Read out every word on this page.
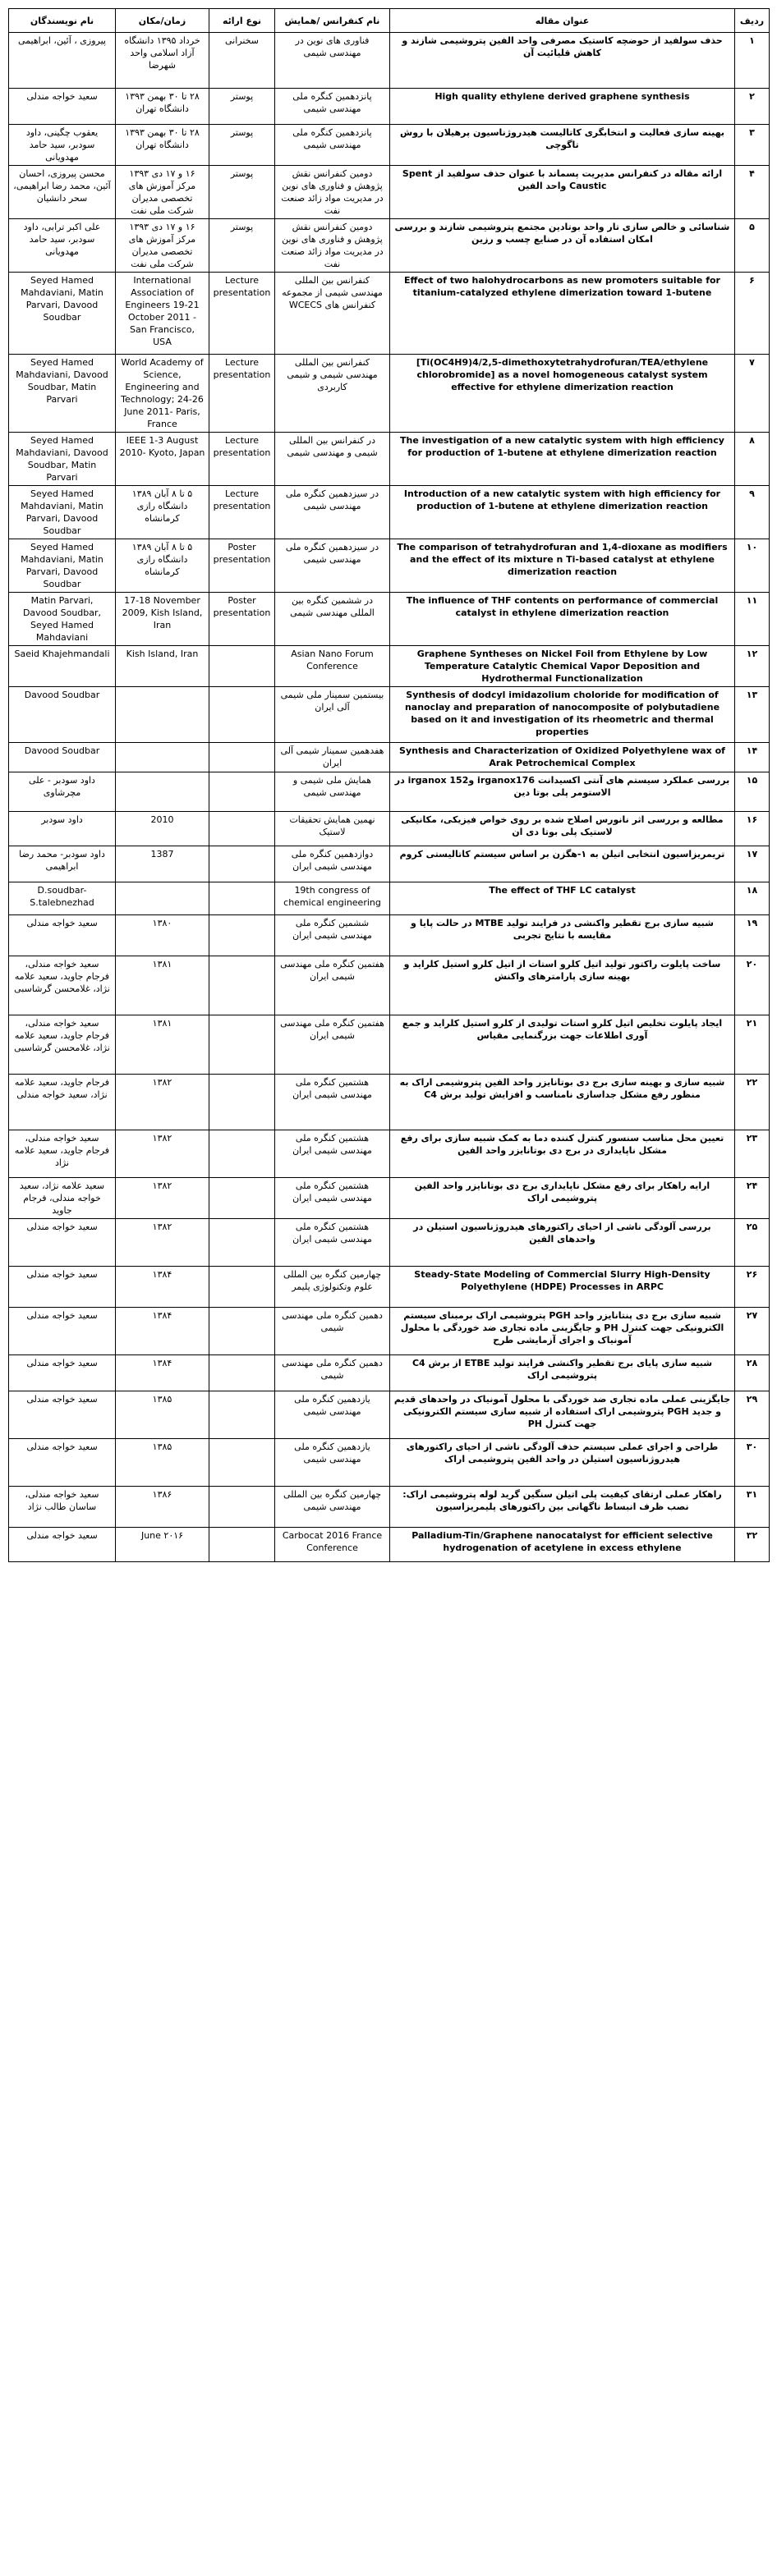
ردیف	عنوان مقاله	نام کنفرانس /همایش	نوع ارائه	زمان/مکان	نام نویسندگان
۱	حذف سولفید از حوضچه کاستیک مصرفی واحد الفین پتروشیمی شازند و کاهش قلیائیت آن	فناوری های نوین در مهندسی شیمی	سخنرانی	خرداد ۱۳۹۵ دانشگاه آزاد اسلامی واحد شهرضا	پیروزی ، آئین، ابراهیمی
۲	High quality ethylene derived graphene synthesis	پانزدهمین کنگره ملی مهندسی شیمی	پوستر	۲۸ تا ۳۰ بهمن ۱۳۹۳ دانشگاه تهران	سعید خواجه مندلی
۳	بهینه سازی فعالیت و انتخابگری کاتالیست هیدروژناسیون پرهیلان با روش تاگوچی	پانزدهمین کنگره ملی مهندسی شیمی	پوستر	۲۸ تا ۳۰ بهمن ۱۳۹۳ دانشگاه تهران	یعقوب چگینی، داود سودبر، سید حامد مهدویانی
۴	ارائه مقاله در کنفرانس مدیریت پسماند با عنوان حذف سولفید از Spent Caustic واحد الفین	دومین کنفرانس نقش پژوهش و فناوری های نوین در مدیریت مواد زائد صنعت نفت	پوستر	۱۶ و ۱۷ دی ۱۳۹۳ مرکز آموزش های تخصصی مدیران شرکت ملی نفت	محسن پیروزی، احسان آئین، محمد رضا ابراهیمی، سحر دانشیان
۵	شناسائی و خالص سازی تار واحد بوتادین مجتمع پتروشیمی شازند و بررسی امکان استفاده آن در صنایع چسب و رزین	دومین کنفرانس نقش پژوهش و فناوری های نوین در مدیریت مواد زائد صنعت نفت	پوستر	۱۶ و ۱۷ دی ۱۳۹۳ مرکز آموزش های تخصصی مدیران شرکت ملی نفت	علی اکبر ترابی، داود سودبر، سید حامد مهدویانی
۶	Effect of two halohydrocarbons as new promoters suitable for titanium-catalyzed ethylene dimerization toward 1-butene	کنفرانس بین المللی مهندسی شیمی از مجموعه کنفرانس های WCECS	Lecture presentation	International Association of Engineers 19-21 October 2011 - San Francisco, USA	Seyed Hamed Mahdaviani, Matin Parvari, Davood Soudbar
۷	[Ti(OC4H9)4/2,5-dimethoxytetrahydrofuran/TEA/ethylene chlorobromide] as a novel homogeneous catalyst system effective for ethylene dimerization reaction	کنفرانس بین المللی مهندسی شیمی و شیمی کاربردی	Lecture presentation	World Academy of Science, Engineering and Technology; 24-26 June 2011- Paris, France	Seyed Hamed Mahdaviani, Davood Soudbar, Matin Parvari
۸	The investigation of a new catalytic system with high efficiency for production of 1-butene at ethylene dimerization reaction	در کنفرانس بین المللی شیمی و مهندسی شیمی	Lecture presentation	IEEE 1-3 August 2010- Kyoto, Japan	Seyed Hamed Mahdaviani, Davood Soudbar, Matin Parvari
۹	Introduction of a new catalytic system with high efficiency for production of 1-butene at ethylene dimerization reaction	در سیزدهمین کنگره ملی مهندسی شیمی	Lecture presentation	۵ تا ۸ آبان ۱۳۸۹ دانشگاه رازی کرمانشاه	Seyed Hamed Mahdaviani, Matin Parvari, Davood Soudbar
۱۰	The comparison of tetrahydrofuran and 1,4-dioxane as modifiers and the effect of its mixture n Ti-based catalyst at ethylene dimerization reaction	در سیزدهمین کنگره ملی مهندسی شیمی	Poster presentation	۵ تا ۸ آبان ۱۳۸۹ دانشگاه رازی کرمانشاه	Seyed Hamed Mahdaviani, Matin Parvari, Davood Soudbar
۱۱	The influence of THF contents on performance of commercial catalyst in ethylene dimerization reaction	در ششمین کنگره بین المللی مهندسی شیمی	Poster presentation	17-18 November 2009, Kish Island, Iran	Matin Parvari, Davood Soudbar, Seyed Hamed Mahdaviani
۱۲	Graphene Syntheses on Nickel Foil from Ethylene by Low Temperature Catalytic Chemical Vapor Deposition and Hydrothermal Functionalization	Asian Nano Forum Conference		Kish Island, Iran	Saeid Khajehmandali
۱۳	Synthesis of dodcyl imidazolium choloride for modification of nanoclay and preparation of nanocomposite of polybutadiene based on it and investigation of its rheometric and thermal properties	بیستمین سمینار ملی شیمی آلی ایران			Davood Soudbar
۱۴	Synthesis and Characterization of Oxidized Polyethylene wax of Arak Petrochemical Complex	هفدهمین سمینار شیمی آلی ایران			Davood Soudbar
۱۵	بررسی عملکرد سیستم های آنتی اکسیدانت irganox176 وirganox 152 در الاستومر پلی بوتا دین	همایش ملی شیمی و مهندسی شیمی			داود سودبر - علی مچرشاوی
۱۶	مطالعه و بررسی اثر نانورس اصلاح شده بر روی خواص فیزیکی، مکانیکی لاستیک پلی بوتا دی ان	نهمین همایش تحقیقات لاستیک		2010	داود سودبر
۱۷	تریمریزاسیون انتخابی اتیلن به ۱-هگزن بر اساس سیستم کاتالیستی کروم	دوازدهمین کنگره ملی مهندسی شیمی ایران		1387	داود سودبر- محمد رضا ابراهیمی
۱۸	The effect of THF LC catalyst	19th congress of chemical engineering			D.soudbar- S.talebnezhad
۱۹	شبیه سازی برج تقطیر واکنشی در فرایند تولید MTBE در حالت پایا و مقایسه با نتایج تجربی	ششمین کنگره ملی مهندسی شیمی ایران		۱۳۸۰	سعید خواجه مندلی
۲۰	ساخت پایلوت راکتور تولید اتیل کلرو استات از اتیل کلرو استیل کلراید و بهینه سازی پارامترهای واکنش	هفتمین کنگره ملی مهندسی شیمی ایران		۱۳۸۱	سعید خواجه مندلی، فرجام جاوید، سعید علامه نژاد، غلامحسن گرشاسبی
۲۱	ایجاد پایلوت تخلیص اتیل کلرو استات تولیدی از کلرو استیل کلراید و جمع آوری اطلاعات جهت بزرگنمایی مقیاس	هفتمین کنگره ملی مهندسی شیمی ایران		۱۳۸۱	سعید خواجه مندلی، فرجام جاوید، سعید علامه نژاد، غلامحسن گرشاسبی
۲۲	شبیه سازی و بهینه سازی برج دی بوتانایزر واحد الفین پتروشیمی اراک به منظور رفع مشکل جداسازی نامناسب و افزایش تولید برش C4	هشتمین کنگره ملی مهندسی شیمی ایران		۱۳۸۲	فرجام جاوید، سعید علامه نژاد، سعید خواجه مندلی
۲۳	تعیین محل مناسب سنسور کنترل کننده دما به کمک شبیه سازی برای رفع مشکل ناپایداری در برج دی بوتانایزر واحد الفین	هشتمین کنگره ملی مهندسی شیمی ایران		۱۳۸۲	سعید خواجه مندلی، فرجام جاوید، سعید علامه نژاد
۲۴	ارایه راهکار برای رفع مشکل ناپایداری برج دی بوتانایزر واحد الفین پتروشیمی اراک	هشتمین کنگره ملی مهندسی شیمی ایران		۱۳۸۲	سعید علامه نژاد، سعید خواجه مندلی، فرجام جاوید
۲۵	بررسی آلودگی ناشی از احیای راکتورهای هیدروژناسیون استیلن در واحدهای الفین	هشتمین کنگره ملی مهندسی شیمی ایران		۱۳۸۲	سعید خواجه مندلی
۲۶	Steady-State Modeling of Commercial Slurry High-Density Polyethylene (HDPE) Processes in ARPC	چهارمین کنگره بین المللی علوم وتکنولوژی پلیمر		۱۳۸۴	سعید خواجه مندلی
۲۷	شبیه سازی برج دی پنتانایزر واحد PGH پتروشیمی اراک برمبنای سیستم الکترونیکی جهت کنترل PH و جایگزینی ماده تجاری ضد خوردگی با محلول آمونیاک و اجرای آزمایشی طرح	دهمین کنگره ملی مهندسی شیمی		۱۳۸۴	سعید خواجه مندلی
۲۸	شبیه سازی پایای برج تقطیر واکنشی فرایند تولید ETBE از برش C4 پتروشیمی اراک	دهمین کنگره ملی مهندسی شیمی		۱۳۸۴	سعید خواجه مندلی
۲۹	جایگزینی عملی ماده تجاری ضد خوردگی با محلول آمونیاک در واحدهای قدیم و جدید PGH پتروشیمی اراک استفاده از شبیه سازی سیستم الکترونیکی جهت کنترل PH	یازدهمین کنگره ملی مهندسی شیمی		۱۳۸۵	سعید خواجه مندلی
۳۰	طراحی و اجرای عملی سیستم حذف آلودگی ناشی از احیای راکتورهای هیدروژناسیون استیلن در واحد الفین پتروشیمی اراک	یازدهمین کنگره ملی مهندسی شیمی		۱۳۸۵	سعید خواجه مندلی
۳۱	راهکار عملی ارتقای کیفیت پلی اتیلن سنگین گرید لوله پتروشیمی اراک: نصب ظرف انبساط ناگهانی بین راکتورهای پلیمریزاسیون	چهارمین کنگره بین المللی مهندسی شیمی		۱۳۸۶	سعید خواجه مندلی، ساسان طالب نژاد
۳۲	Palladium-Tin/Graphene nanocatalyst for efficient selective hydrogenation of acetylene in excess ethylene	Carbocat 2016 France Conference		June ۲۰۱۶	سعید خواجه مندلی
